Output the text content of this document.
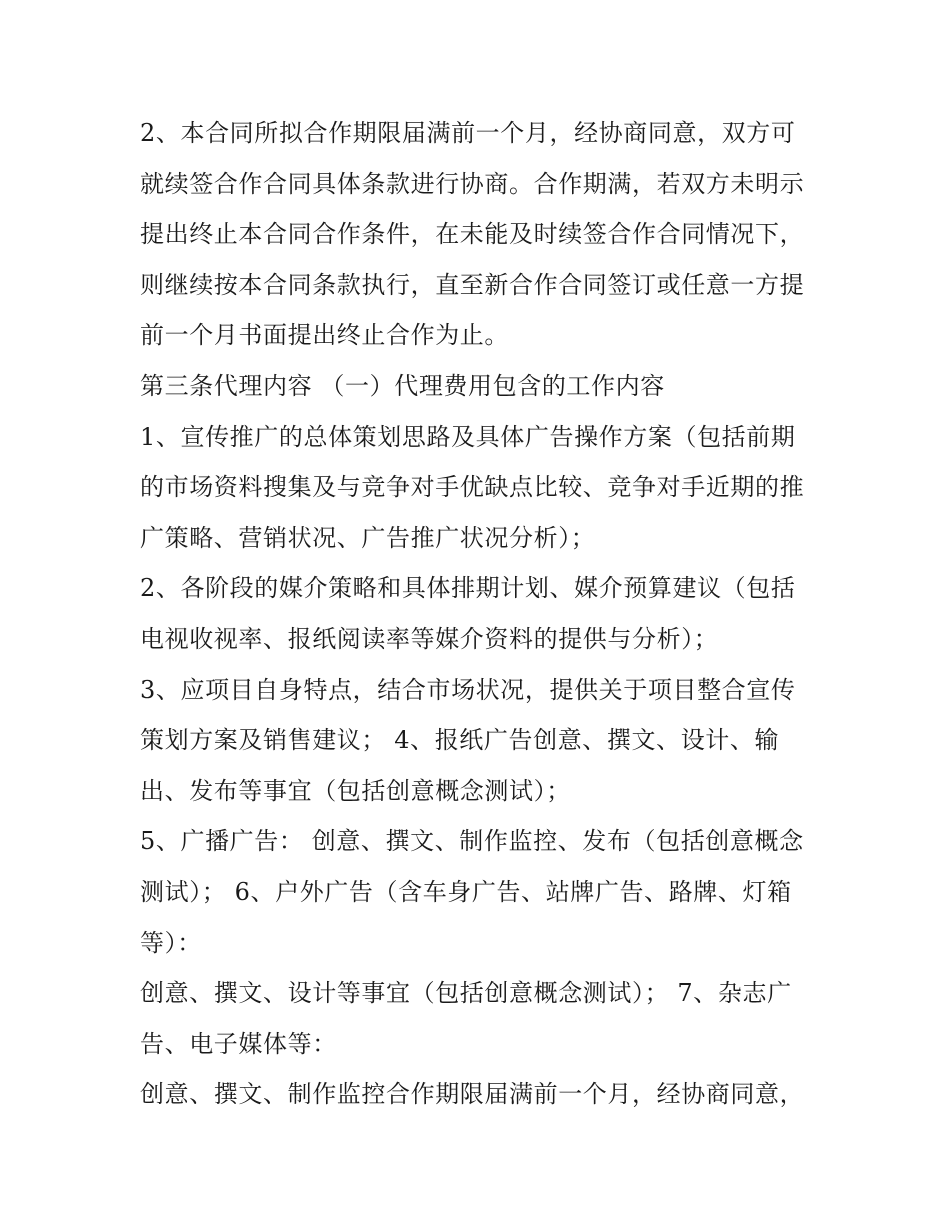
2、本合同所拟合作期限届满前一个月，经协商同意，双方可
就续签合作合同具体条款进行协商。合作期满，若双方未明示
提出终止本合同合作条件，在未能及时续签合作合同情况下，
则继续按本合同条款执行，直至新合作合同签订或任意一方提
前一个月书面提出终止合作为止。
第三条代理内容 （一）代理费用包含的工作内容
1、宣传推广的总体策划思路及具体广告操作方案（包括前期
的市场资料搜集及与竞争对手优缺点比较、竞争对手近期的推
广策略、营销状况、广告推广状况分析）；
2、各阶段的媒介策略和具体排期计划、媒介预算建议（包括
电视收视率、报纸阅读率等媒介资料的提供与分析）；
3、应项目自身特点，结合市场状况，提供关于项目整合宣传
策划方案及销售建议； 4、报纸广告创意、撰文、设计、输
出、发布等事宜（包括创意概念测试）；
5、广播广告： 创意、撰文、制作监控、发布（包括创意概念
测试）； 6、户外广告（含车身广告、站牌广告、路牌、灯箱
等）：
创意、撰文、设计等事宜（包括创意概念测试）； 7、杂志广
告、电子媒体等：
创意、撰文、制作监控合作期限届满前一个月，经协商同意，
